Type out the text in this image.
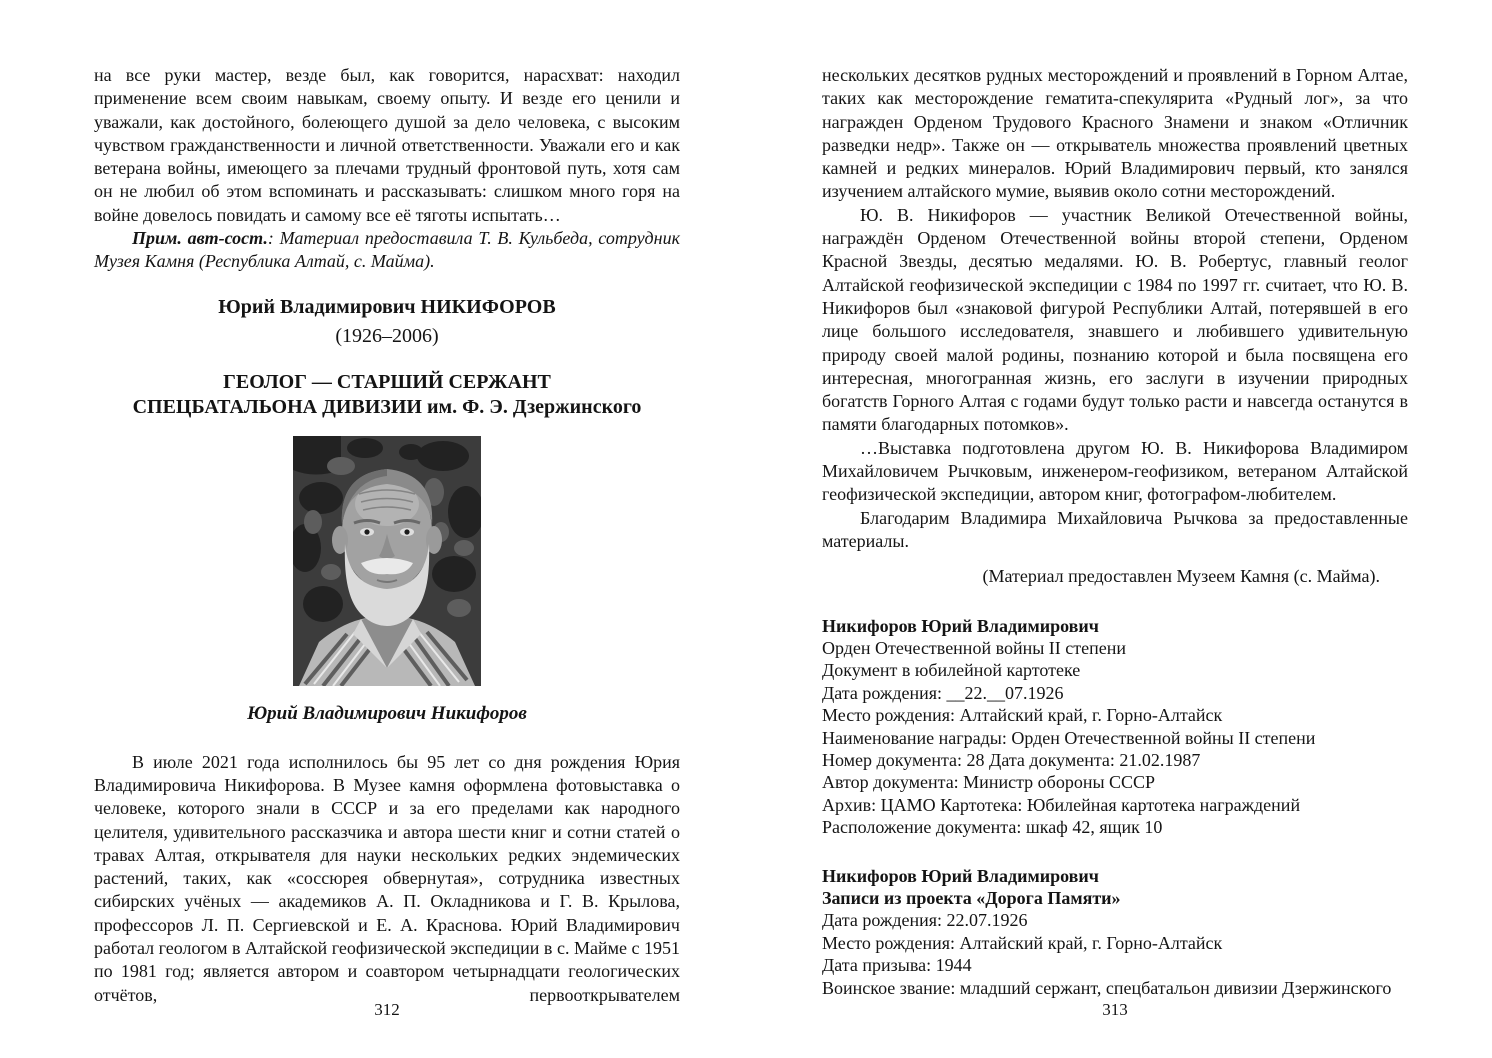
на все руки мастер, везде был, как говорится, нарасхват: находил применение всем своим навыкам, своему опыту. И везде его ценили и уважали, как достойного, болеющего душой за дело человека, с высоким чувством гражданственности и личной ответственности. Уважали его и как ветерана войны, имеющего за плечами трудный фронтовой путь, хотя сам он не любил об этом вспоминать и рассказывать: слишком много горя на войне довелось повидать и самому все её тяготы испытать…

Прим. авт-сост.: Материал предоставила Т. В. Кульбеда, сотрудник Музея Камня (Республика Алтай, с. Майма).

Юрий Владимирович НИКИФОРОВ
(1926–2006)
ГЕОЛОГ — СТАРШИЙ СЕРЖАНТ
СПЕЦБАТАЛЬОНА ДИВИЗИИ им. Ф. Э. Дзержинского
Юрий Владимирович Никифоров

В июле 2021 года исполнилось бы 95 лет со дня рождения Юрия Владимировича Никифорова. В Музее камня оформлена фотовыставка о человеке, которого знали в СССР и за его пределами как народного целителя, удивительного рассказчика и автора шести книг и сотни статей о травах Алтая, открывателя для науки нескольких редких эндемических растений, таких, как «соссюрея обвернутая», сотрудника известных сибирских учёных — академиков А. П. Окладникова и Г. В. Крылова, профессоров Л. П. Сергиевской и Е. А. Краснова. Юрий Владимирович работал геологом в Алтайской геофизической экспедиции в с. Майме с 1951 по 1981 год; является автором и соавтором четырнадцати геологических отчётов, первооткрывателем

312

нескольких десятков рудных месторождений и проявлений в Горном Алтае, таких как месторождение гематита-спекулярита «Рудный лог», за что награжден Орденом Трудового Красного Знамени и знаком «Отличник разведки недр». Также он — открыватель множества проявлений цветных камней и редких минералов. Юрий Владимирович первый, кто занялся изучением алтайского мумие, выявив около сотни месторождений.

Ю. В. Никифоров — участник Великой Отечественной войны, награждён Орденом Отечественной войны второй степени, Орденом Красной Звезды, десятью медалями. Ю. В. Робертус, главный геолог Алтайской геофизической экспедиции с 1984 по 1997 гг. считает, что Ю. В. Никифоров был «знаковой фигурой Республики Алтай, потерявшей в его лице большого исследователя, знавшего и любившего удивительную природу своей малой родины, познанию которой и была посвящена его интересная, многогранная жизнь, его заслуги в изучении природных богатств Горного Алтая с годами будут только расти и навсегда останутся в памяти благодарных потомков».

…Выставка подготовлена другом Ю. В. Никифорова Владимиром Михайловичем Рычковым, инженером-геофизиком, ветераном Алтайской геофизической экспедиции, автором книг, фотографом-любителем.

Благодарим Владимира Михайловича Рычкова за предоставленные материалы.

(Материал предоставлен Музеем Камня (с. Майма).

Никифоров Юрий Владимирович

Орден Отечественной войны II степени

Документ в юбилейной картотеке

Дата рождения: __22.__07.1926

Место рождения: Алтайский край, г. Горно-Алтайск

Наименование награды: Орден Отечественной войны II степени

Номер документа: 28 Дата документа: 21.02.1987

Автор документа: Министр обороны СССР

Архив: ЦАМО Картотека: Юбилейная картотека награждений

Расположение документа: шкаф 42, ящик 10

Никифоров Юрий Владимирович

Записи из проекта «Дорога Памяти»

Дата рождения: 22.07.1926

Место рождения: Алтайский край, г. Горно-Алтайск

Дата призыва: 1944

Воинское звание: младший сержант, спецбатальон дивизии Дзержинского

313
